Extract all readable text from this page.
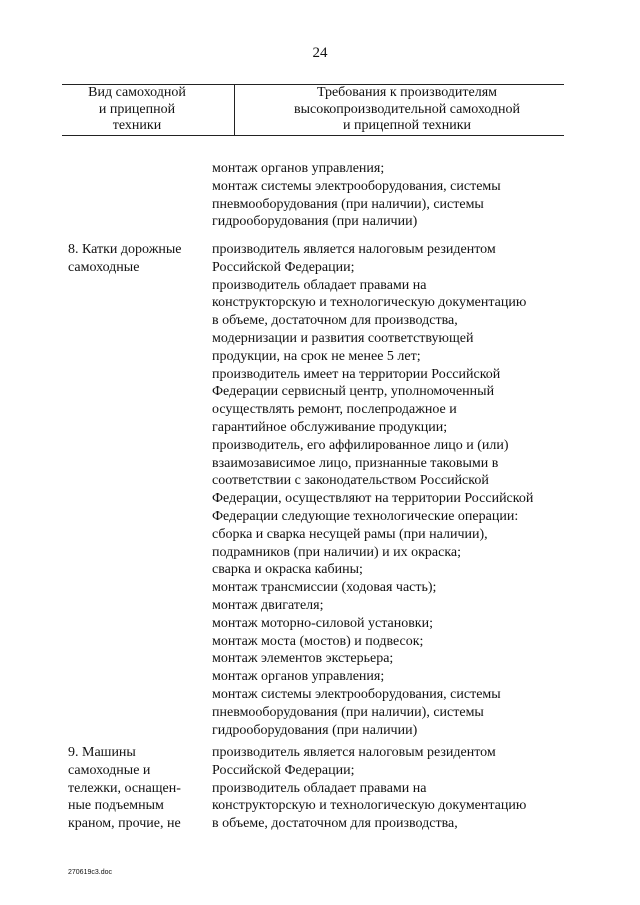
24
Вид самоходной
и прицепной
техники
Требования к производителям
высокопроизводительной самоходной
и прицепной техники
монтаж органов управления;
монтаж системы электрооборудования, системы
пневмооборудования (при наличии), системы
гидрооборудования (при наличии)
8. Катки дорожные
самоходные
производитель является налоговым резидентом
Российской Федерации;
производитель обладает правами на
конструкторскую и технологическую документацию
в объеме, достаточном для производства,
модернизации и развития соответствующей
продукции, на срок не менее 5 лет;
производитель имеет на территории Российской
Федерации сервисный центр, уполномоченный
осуществлять ремонт, послепродажное и
гарантийное обслуживание продукции;
производитель, его аффилированное лицо и (или)
взаимозависимое лицо, признанные таковыми в
соответствии с законодательством Российской
Федерации, осуществляют на территории Российской
Федерации следующие технологические операции:
сборка и сварка несущей рамы (при наличии),
подрамников (при наличии) и их окраска;
сварка и окраска кабины;
монтаж трансмиссии (ходовая часть);
монтаж двигателя;
монтаж моторно-силовой установки;
монтаж моста (мостов) и подвесок;
монтаж элементов экстерьера;
монтаж органов управления;
монтаж системы электрооборудования, системы
пневмооборудования (при наличии), системы
гидрооборудования (при наличии)
9. Машины
самоходные и
тележки, оснащен-
ные подъемным
краном, прочие, не
производитель является налоговым резидентом
Российской Федерации;
производитель обладает правами на
конструкторскую и технологическую документацию
в объеме, достаточном для производства,
270619c3.doc
